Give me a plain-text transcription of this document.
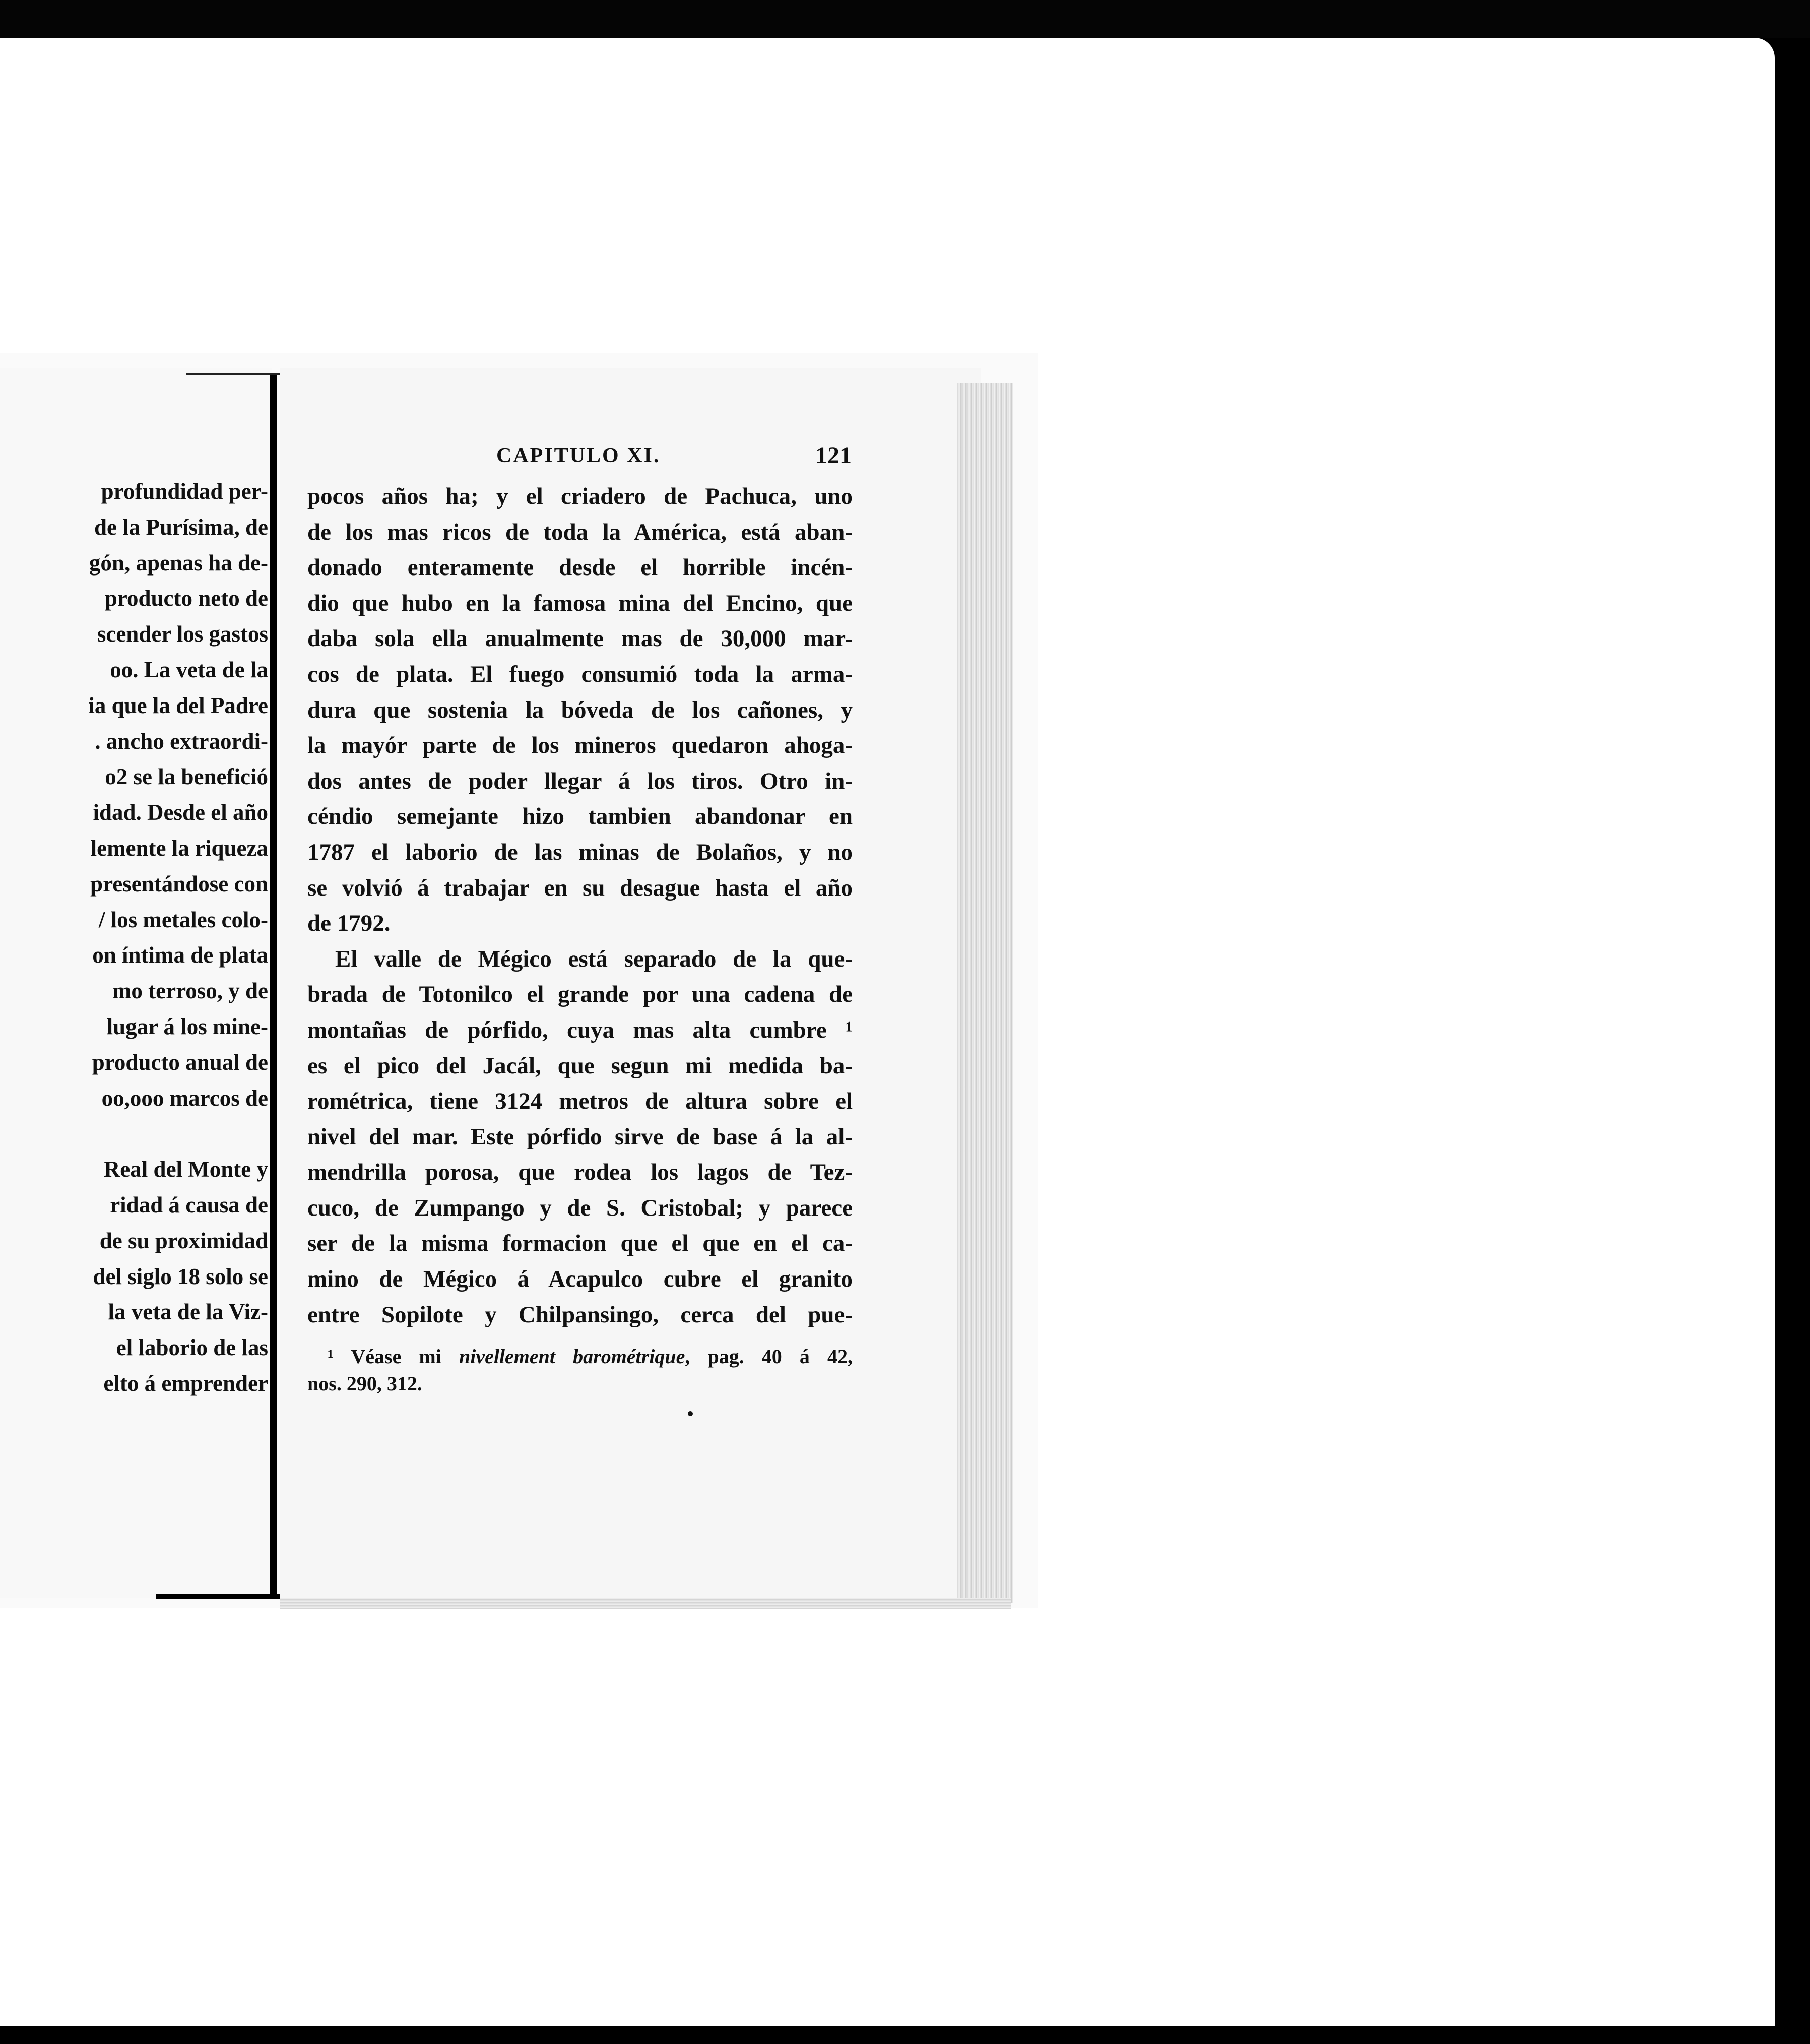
profundidad per-
de la Purísima, de
gón, apenas ha de-
producto neto de
scender los gastos
oo. La veta de la
ia que la del Padre
. ancho extraordi-
o2 se la benefició
idad. Desde el año
lemente la riqueza
presentándose con
/ los metales colo-
on íntima de plata
mo terroso, y de
lugar á los mine-
producto anual de
oo,ooo marcos de

Real del Monte y
ridad á causa de
de su proximidad
del siglo 18 solo se
la veta de la Viz-
el laborio de las
elto á emprender
CAPITULO XI.	121
pocos años ha; y el criadero de Pachuca, uno
de los mas ricos de toda la América, está aban-
donado enteramente desde el horrible incén-
dio que hubo en la famosa mina del Encino, que
daba sola ella anualmente mas de 30,000 mar-
cos de plata. El fuego consumió toda la arma-
dura que sostenia la bóveda de los cañones, y
la mayór parte de los mineros quedaron ahoga-
dos antes de poder llegar á los tiros. Otro in-
céndio semejante hizo tambien abandonar en
1787 el laborio de las minas de Bolaños, y no
se volvió á trabajar en su desague hasta el año
de 1792.
El valle de Mégico está separado de la que-
brada de Totonilco el grande por una cadena de
montañas de pórfido, cuya mas alta cumbre ¹
es el pico del Jacál, que segun mi medida ba-
rométrica, tiene 3124 metros de altura sobre el
nivel del mar. Este pórfido sirve de base á la al-
mendrilla porosa, que rodea los lagos de Tez-
cuco, de Zumpango y de S. Cristobal; y parece
ser de la misma formacion que el que en el ca-
mino de Mégico á Acapulco cubre el granito
entre Sopilote y Chilpansingo, cerca del pue-
¹ Véase mi nivellement barométrique, pag. 40 á 42,
nos. 290, 312.
